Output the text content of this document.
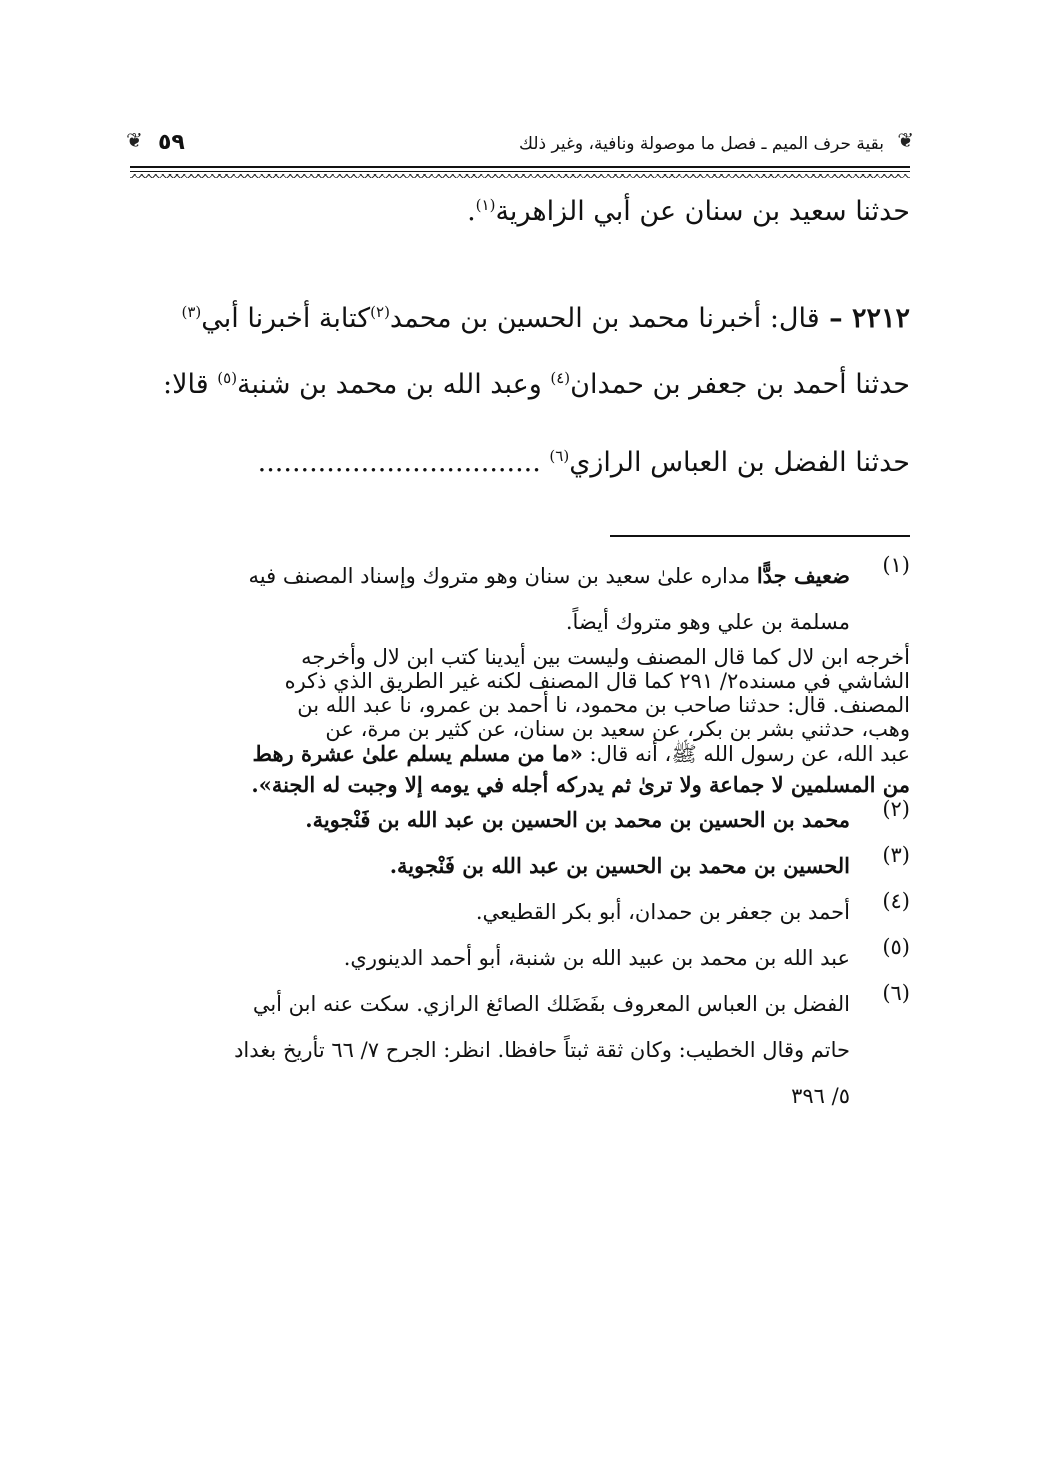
❦
بقية حرف الميم ـ فصل ما موصولة ونافية، وغير ذلك
٥٩
❦

حدثنا سعيد بن سنان عن أبي الزاهرية$^{(١)}$.

٢٢١٢ – قال: أخبرنا محمد بن الحسين بن محمد$^{(٢)}$كتابة أخبرنا أبي$^{(٣)}$

حدثنا أحمد بن جعفر بن حمدان$^{(٤)}$ وعبد الله بن محمد بن شنبة$^{(٥)}$ قالا:

حدثنا الفضل بن العباس الرازي$^{(٦)}$ .................................

(١)
ضعيف جدًّا مداره علىٰ سعيد بن سنان وهو متروك وإسناد المصنف فيه
مسلمة بن علي وهو متروك أيضاً.
أخرجه ابن لال كما قال المصنف وليست بين أيدينا كتب ابن لال وأخرجه
الشاشي في مسنده٢/ ٢٩١ كما قال المصنف لكنه غير الطريق الذي ذكره
المصنف. قال: حدثنا صاحب بن محمود، نا أحمد بن عمرو، نا عبد الله بن
وهب، حدثني بشر بن بكر، عن سعيد بن سنان، عن كثير بن مرة، عن
عبد الله، عن رسول الله ﷺ، أنه قال: «ما من مسلم يسلم علىٰ عشرة رهط
من المسلمين لا جماعة ولا ترىٰ ثم يدركه أجله في يومه إلا وجبت له الجنة».
(٢)
محمد بن الحسين بن محمد بن الحسين بن عبد الله بن فَنْجوية.
(٣)
الحسين بن محمد بن الحسين بن عبد الله بن فَنْجوية.
(٤)
أحمد بن جعفر بن حمدان، أبو بكر القطيعي.
(٥)
عبد الله بن محمد بن عبيد الله بن شنبة، أبو أحمد الدينوري.
(٦)
الفضل بن العباس المعروف بفَضَلك الصائغ الرازي. سكت عنه ابن أبي
حاتم وقال الخطيب: وكان ثقة ثبتاً حافظا. انظر: الجرح ٧/ ٦٦ تأريخ بغداد
٥/ ٣٩٦
